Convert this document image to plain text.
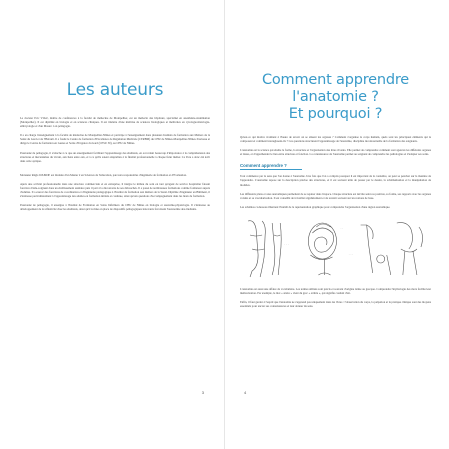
Les auteurs

Le docteur Eric VIAU, maître de conférences à la faculté de médecine de Montpellier, est un médecin des hôpitaux, spécialisé en anesthésie-réanimation (Montpellier). Il est diplômé en biologie et en sciences cliniques. Il est titulaire d'une maîtrise de sciences biologiques et médicales en cytologie-histologie-embryologie et d'un Master 1 en pédagogie.

Il a en charge l'enseignement à la faculté de médecine de Montpellier-Nîmes et participe à l'enseignement dans plusieurs Instituts de formation aux Métiers de la Santé du Gard et de l'Hérault. Il a fondé le Centre de formation d'Excellence de Régulation Médicale (CERBM) du CHU de Nîmes-Montpellier-Nîmes-Toulouse et dirige le Centre de formation en Gestes et Soins d'Urgence du Gard (CESU 30), au CHU de Nîmes.

Passionné de pédagogie, il s'attache à ce que un enseignement facilitant l'apprentissage des étudiants, en accordant beaucoup d'importance à la compréhension des structures et mécanismes du vivant, aux liens entre eux, et à ce qu'ils soient adaptables à la finalité professionnelle à chaque futur métier. Ce livre a donc été écrit dans cette optique.

Monsieur Régis JOURDE est titulaire d'un Master 2 en Sciences de l'éducation, parcours responsables d'ingénierie de formation et d'Evaluation.

Après une activité professionnelle dans une structure commerciale et en entreprise, il intègre le milieu du soin en tant qu'agent de service hospitalier faisant fonction d'aide-soignant dans un établissement sanitaire puis il part à la découverte de ses débouchés. Il a passé de nombreuses formations comme formateur auprès d'adultes. Il a exercé des fonctions de coordination et d'ingénierie pédagogique à l'Institut de formation aux métiers de la Santé. Diplôme d'ingénieur en Bâtiment, il s'intéresse particulièrement à l'apprentissage des adultes en formation initiale et continue, ainsi qu'aux questions d'accompagnement dans les lieux de formation.

Passionné de pédagogie, il enseigne à l'Institut de Formation en Soins Infirmiers du CHU de Nîmes en biologie et anatomie-physiologie. Il s'intéresse au développement de la réflexivité chez les étudiants, ainsi qu'à la mise en place de dispositifs pédagogiques innovants favorisant l'autonomie des étudiants.

3
Comment apprendre l'anatomie ?
Et pourquoi ?

Qu'est-ce qui motive vraiment à l'heure de savoir où se situent les organes ? Comment s'organise le corps humain, quels sont les principaux éléments qui le composent et comment interagissent-ils ? Ces questions structurent l'apprentissage de l'anatomie, discipline incontournable de la formation des soignants.

L'anatomie est la science qui étudie la forme, la structure et l'organisation des êtres vivants. Elle permet de comprendre comment sont agencés les différents organes et tissus, et d'appréhender le lien entre structure et fonction. La connaissance de l'anatomie permet au soignant de comprendre les pathologies et d'adapter ses soins.

Comment apprendre ?

Tout commence par le sens que l'on donne à l'anatomie. Une fois que l'on a compris pourquoi il est important de la connaître, on peut se pencher sur la manière de l'apprendre. L'anatomie repose sur la description précise des structures, et il est souvent utile de passer par le dessin, la schématisation et la manipulation de modèles.

Les différents plans et axes anatomiques permettent de se repérer dans l'espace. Chaque structure est décrite selon sa position, sa forme, ses rapports avec les organes voisins et sa vascularisation. Il est conseillé de travailler régulièrement et de revenir souvent sur les notions de base.

Les schémas ci-dessous illustrent l'intérêt de la représentation graphique pour comprendre l'organisation d'une région anatomique.

· · ·
· ·
· · ·

L'anatomie est aussi une affaire de vocabulaire. Les termes utilisés sont précis et souvent d'origine latine ou grecque. Comprendre l'étymologie des mots facilite leur mémorisation. Par exemple, le mot « artère » vient du grec « artêria », qui signifie conduit d'air.

Enfin, il faut garder à l'esprit que l'anatomie ne s'apprend pas uniquement dans les livres : l'observation du corps, la palpation et la pratique clinique sont des moyens essentiels pour ancrer ses connaissances et leur donner du sens.

4
